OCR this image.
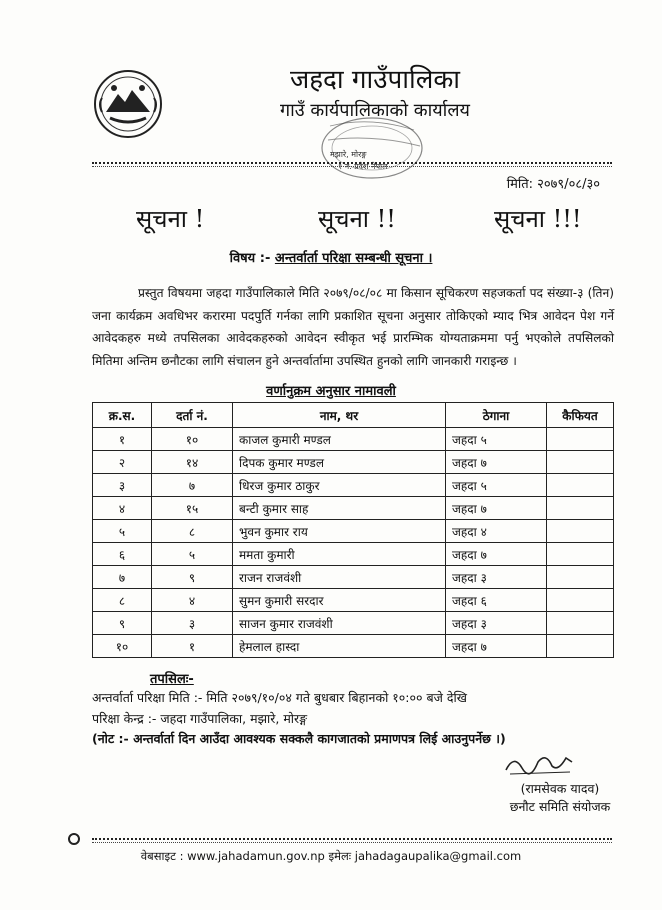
जहदा गाउँपालिका
गाउँ कार्यपालिकाको कार्यालय
मझारे, मोरङ्ग
१ नं. प्रदेश नेपाल
मिति: २०७९/०८/३०
सूचना !	सूचना !!	सूचना !!!
विषय :- अन्तर्वार्ता परिक्षा सम्बन्धी सूचना ।
प्रस्तुत विषयमा जहदा गाउँपालिकाले मिति २०७९/०८/०८ मा किसान सूचिकरण सहजकर्ता पद संख्या-३ (तिन) जना कार्यक्रम अवधिभर करारमा पदपुर्ति गर्नका लागि प्रकाशित सूचना अनुसार तोकिएको म्याद भित्र आवेदन पेश गर्ने आवेदकहरु मध्ये तपसिलका आवेदकहरुको आवेदन स्वीकृत भई प्रारम्भिक योग्यताक्रममा पर्नु भएकोले तपसिलको मितिमा अन्तिम छनौटका लागि संचालन हुने अन्तर्वार्तामा उपस्थित हुनको लागि जानकारी गराइन्छ ।
वर्णानुक्रम अनुसार नामावली
क्र.स.	दर्ता नं.	नाम, थर	ठेगाना	कैफियत
१	१०	काजल कुमारी मण्डल	जहदा ५	
२	१४	दिपक कुमार मण्डल	जहदा ७	
३	७	धिरज कुमार ठाकुर	जहदा ५	
४	१५	बन्टी कुमार साह	जहदा ७	
५	८	भुवन कुमार राय	जहदा ४	
६	५	ममता कुमारी	जहदा ७	
७	९	राजन राजवंशी	जहदा ३	
८	४	सुमन कुमारी सरदार	जहदा ६	
९	३	साजन कुमार राजवंशी	जहदा ३	
१०	१	हेमलाल हास्दा	जहदा ७	
तपसिलः-
अन्तर्वार्ता परिक्षा मिति :- मिति २०७९/१०/०४ गते बुधबार बिहानको १०:०० बजे देखि
परिक्षा केन्द्र :- जहदा गाउँपालिका, मझारे, मोरङ्ग
(नोट :- अन्तर्वार्ता दिन आउँदा आवश्यक सक्कलै कागजातको प्रमाणपत्र लिई आउनुपर्नेछ ।)
(रामसेवक यादव)
छनौट समिति संयोजक
वेबसाइट : www.jahadamun.gov.np इमेलः jahadagaupalika@gmail.com
